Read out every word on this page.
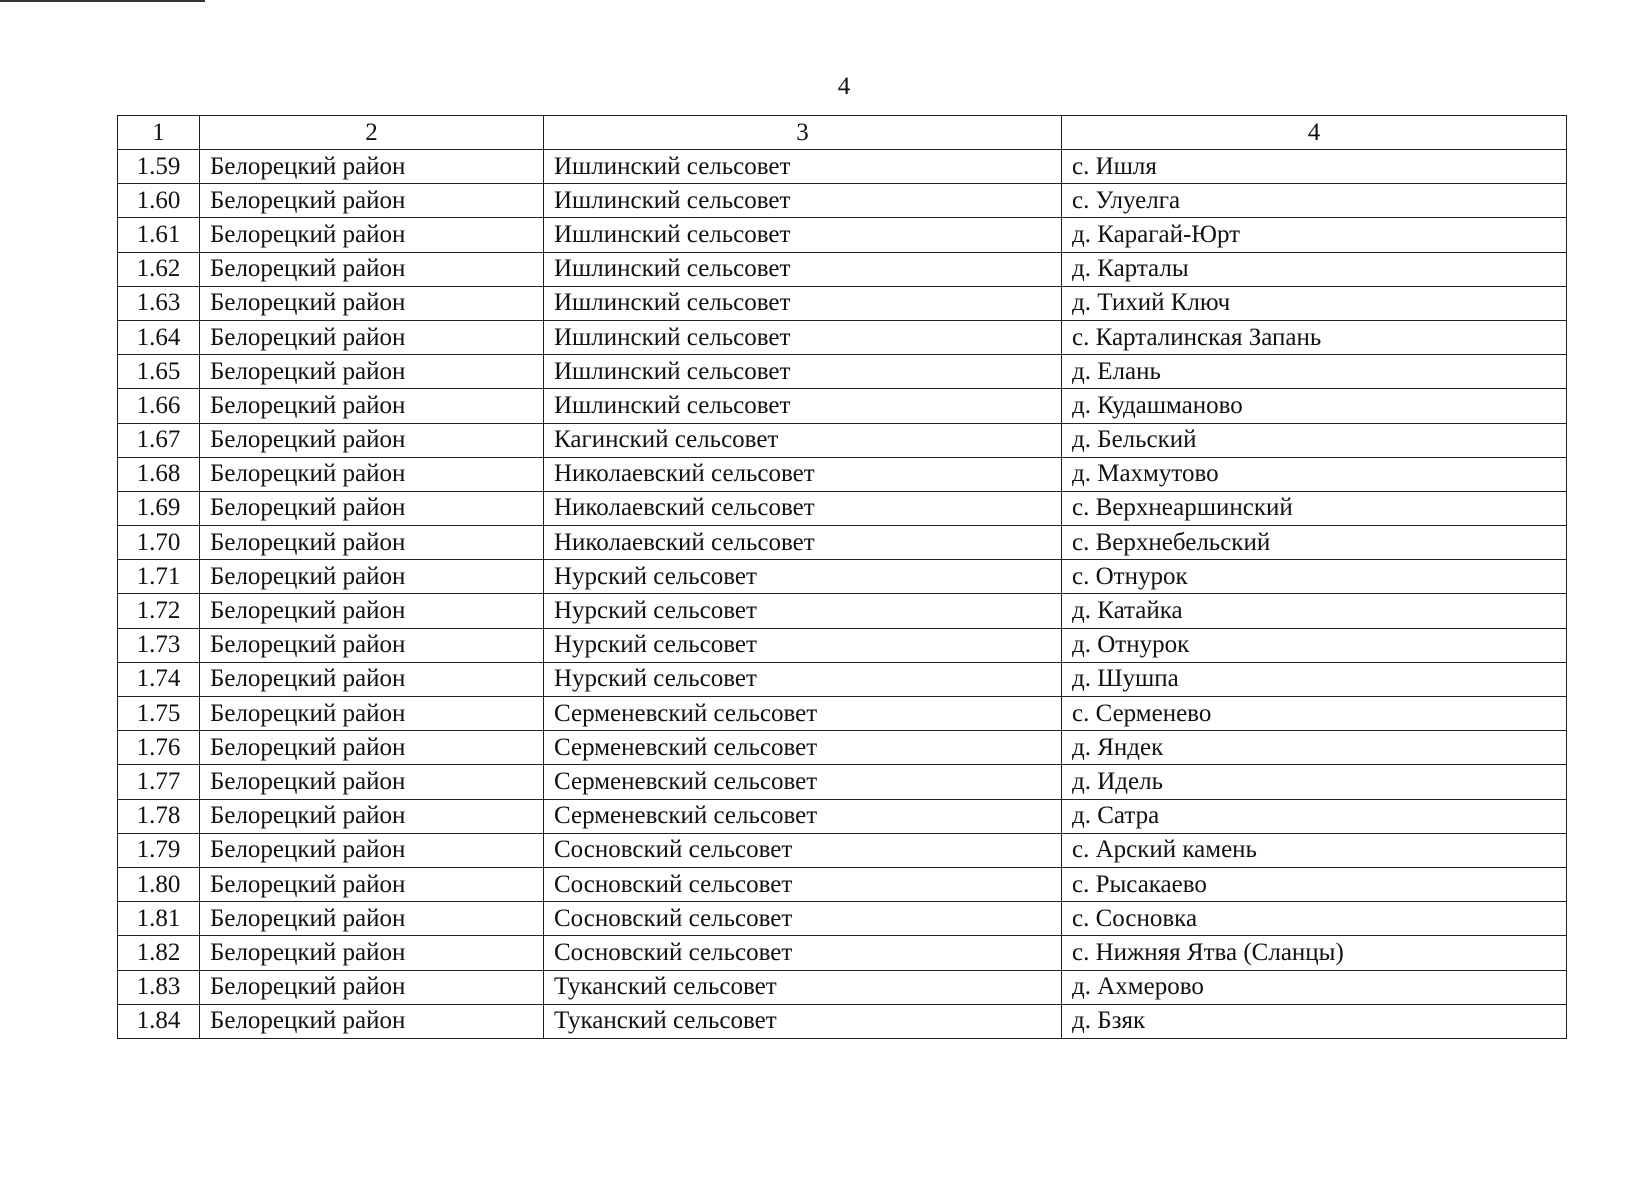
4
1	2	3	4
1.59	Белорецкий район	Ишлинский сельсовет	с. Ишля
1.60	Белорецкий район	Ишлинский сельсовет	с. Улуелга
1.61	Белорецкий район	Ишлинский сельсовет	д. Карагай-Юрт
1.62	Белорецкий район	Ишлинский сельсовет	д. Карталы
1.63	Белорецкий район	Ишлинский сельсовет	д. Тихий Ключ
1.64	Белорецкий район	Ишлинский сельсовет	с. Карталинская Запань
1.65	Белорецкий район	Ишлинский сельсовет	д. Елань
1.66	Белорецкий район	Ишлинский сельсовет	д. Кудашманово
1.67	Белорецкий район	Кагинский сельсовет	д. Бельский
1.68	Белорецкий район	Николаевский сельсовет	д. Махмутово
1.69	Белорецкий район	Николаевский сельсовет	с. Верхнеаршинский
1.70	Белорецкий район	Николаевский сельсовет	с. Верхнебельский
1.71	Белорецкий район	Нурский сельсовет	с. Отнурок
1.72	Белорецкий район	Нурский сельсовет	д. Катайка
1.73	Белорецкий район	Нурский сельсовет	д. Отнурок
1.74	Белорецкий район	Нурский сельсовет	д. Шушпа
1.75	Белорецкий район	Серменевский сельсовет	с. Серменево
1.76	Белорецкий район	Серменевский сельсовет	д. Яндек
1.77	Белорецкий район	Серменевский сельсовет	д. Идель
1.78	Белорецкий район	Серменевский сельсовет	д. Сатра
1.79	Белорецкий район	Сосновский сельсовет	с. Арский камень
1.80	Белорецкий район	Сосновский сельсовет	с. Рысакаево
1.81	Белорецкий район	Сосновский сельсовет	с. Сосновка
1.82	Белорецкий район	Сосновский сельсовет	с. Нижняя Ятва (Сланцы)
1.83	Белорецкий район	Туканский сельсовет	д. Ахмерово
1.84	Белорецкий район	Туканский сельсовет	д. Бзяк
